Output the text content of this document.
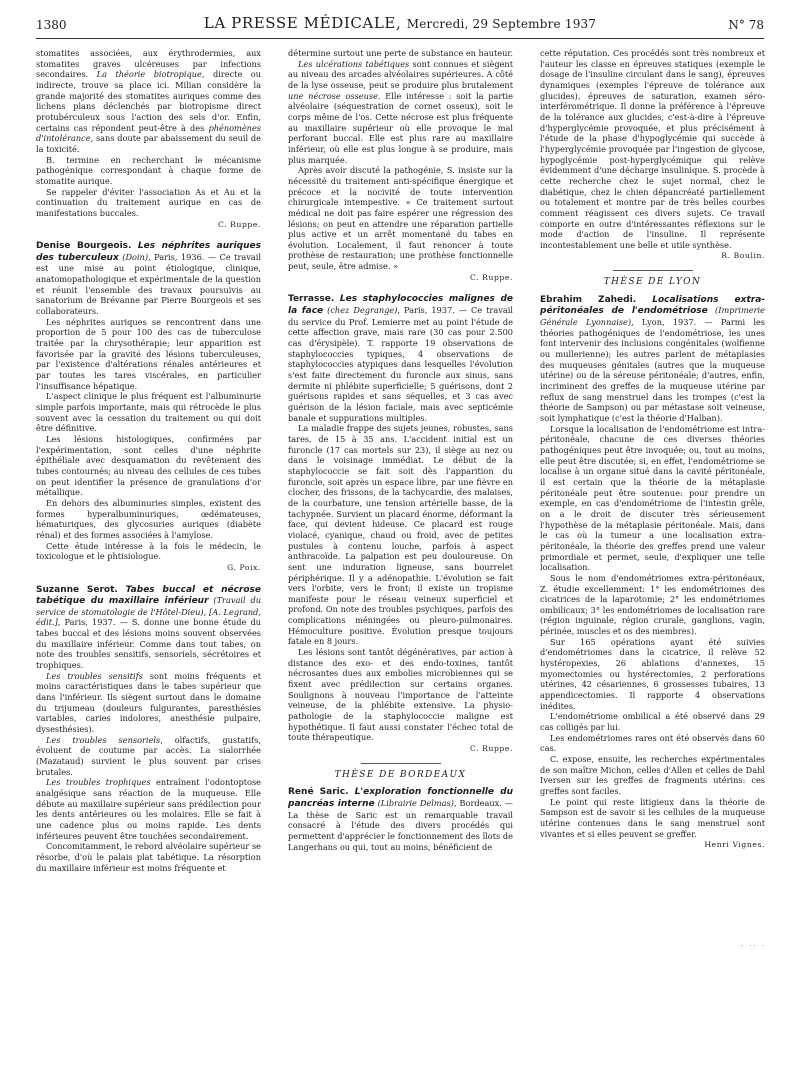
1380	LA PRESSE MÉDICALE, Mercredi, 29 Septembre 1937	N° 78

stomatites associées, aux érythrodermies, aux stomatites graves ulcéreuses par infections secondaires. La théorie biotropique, directe ou indirecte, trouve sa place ici. Milian considère la grande majorité des stomatites auriques comme des lichens plans déclenchés par biotropisme direct protubérculeux sous l'action des sels d'or. Enfin, certains cas répondent peut-être à des phénomènes d'intolérance, sans doute par abaissement du seuil de la toxicité.

B. termine en recherchant le mécanisme pathogénique correspondant à chaque forme de stomatite aurique.

Se rappeler d'éviter l'association As et Au et la continuation du traitement aurique en cas de manifestations buccales.

C. Ruppe.
Denise Bourgeois. Les néphrites auriques des tuberculeux (Doin), Paris, 1936. — Ce travail est une mise au point étiologique, clinique, anatomopathologique et expérimentale de la question et réunit l'ensemble des travaux poursuivis au sanatorium de Brévanne par Pierre Bourgeois et ses collaborateurs.

Les néphrites auriques se rencontrent dans une proportion de 5 pour 100 des cas de tuberculose traitée par la chrysothérapie; leur apparition est favorisée par la gravité des lésions tuberculeuses, par l'existence d'altérations rénales antérieures et par toutes les tares viscérales, en particulier l'insuffisance hépatique.

L'aspect clinique le plus fréquent est l'albuminurie simple parfois importante, mais qui rétrocède le plus souvent avec la cessation du traitement ou qui doit être définitive.

Les lésions histologiques, confirmées par l'expérimentation, sont celles d'une néphrite épithéliale avec desquamation du revêtement des tubes contournés; au niveau des cellules de ces tubes on peut identifier la présence de granulations d'or métallique.

En dehors des albuminuries simples, existent des formes hyperalbuminuriques, œdémateuses, hématuriques, des glycosuries auriques (diabète rénal) et des formes associées à l'amylose.

Cette étude intéresse à la fois le médecin, le toxicologue et le phtisiologue.

G. Poix.
Suzanne Serot. Tabes buccal et nécrose tabétique du maxillaire inférieur (Travail du service de stomatologie de l'Hôtel-Dieu), [A. Legrand, édit.], Paris, 1937. — S. donne une bonne étude du tabes buccal et des lésions moins souvent observées du maxillaire inférieur. Comme dans tout tabes, on note des troubles sensitifs, sensoriels, sécrétoires et trophiques.

Les troubles sensitifs sont moins fréquents et moins caractéristiques dans le tabes supérieur que dans l'inférieur. Ils siègent surtout dans le domaine du trijumeau (douleurs fulgurantes, paresthésies variables, caries indolores, anesthésie pulpaire, dysesthésies).

Les troubles sensoriels, olfactifs, gustatifs, évoluent de coutume par accès. La sialorrhée (Mazataud) survient le plus souvent par crises brutales.

Les troubles trophiques entraînent l'odontoptose analgésique sans réaction de la muqueuse. Elle débute au maxillaire supérieur sans prédilection pour les dents antérieures ou les molaires. Elle se fait à une cadence plus ou moins rapide. Les dents inférieures peuvent être touchées secondairement.

Concomitamment, le rebord alvéolaire supérieur se résorbe, d'où le palais plat tabétique. La résorption du maxillaire inférieur est moins fréquente et

détermine surtout une perte de substance en hauteur.

Les ulcérations tabétiques sont connues et siègent au niveau des arcades alvéolaires supérieures. A côté de la lyse osseuse, peut se produire plus brutalement une nécrose osseuse. Elle intéresse : soit la partie alvéolaire (séquestration de cornet osseux), soit le corps même de l'os. Cette nécrose est plus fréquente au maxillaire supérieur où elle provoque le mal perforant buccal. Elle est plus rare au maxillaire inférieur, où elle est plus longue à se produire, mais plus marquée.

Après avoir discuté la pathogénie, S. insiste sur la nécessité du traitement anti-spécifique énergique et précoce et la nocivité de toute intervention chirurgicale intempestive. « Ce traitement surtout médical ne doit pas faire espérer une régression des lésions; on peut en attendre une réparation partielle plus active et un arrêt momentané du tabes en évolution. Localement, il faut renoncer à toute prothèse de restauration; une prothèse fonctionnelle peut, seule, être admise. »

C. Ruppe.
Terrasse. Les staphylococcies malignes de la face (chez Degrange), Paris, 1937. — Ce travail du service du Prof. Lemierre met au point l'étude de cette affection grave, mais rare (30 cas pour 2.500 cas d'érysipèle). T. rapporte 19 observations de staphylococcies typiques, 4 observations de staphylococcies atypiques dans lesquelles l'évolution s'est faite directement du furoncle aux sinus, sans dermite ni phlébite superficielle; 5 guérisons, dont 2 guérisons rapides et sans séquelles, et 3 cas avec guérison de la lésion faciale, mais avec septicémie banale et suppurations multiples.

La maladie frappe des sujets jeunes, robustes, sans tares, de 15 à 35 ans. L'accident initial est un furoncle (17 cas mortels sur 23), il siège au nez ou dans le voisinage immédiat. Le début de la staphylococcie se fait soit dès l'apparition du furoncle, soit après un espace libre, par une fièvre en clocher, des frissons, de la tachycardie, des malaises, de la courbature, une tension artérielle basse, de la tachypnée. Survient un placard énorme, déformant la face, qui devient hideuse. Ce placard est rouge violacé, cyanique, chaud ou froid, avec de petites pustules à contenu louche, parfois à aspect anthracoïde. La palpation est peu douloureuse. On sent une induration ligneuse, sans bourrelet périphérique. Il y a adénopathie. L'évolution se fait vers l'orbite, vers le front; il existe un tropisme manifeste pour le réseau veineux superficiel et profond. On note des troubles psychiques, parfois des complications méningées ou pleuro-pulmonaires. Hémoculture positive. Évolution presque toujours fatale en 8 jours.

Les lésions sont tantôt dégénératives, par action à distance des exo- et des endo-toxines, tantôt nécrosantes dues aux embolies microbiennes qui se fixent avec prédilection sur certains organes. Soulignons à nouveau l'importance de l'atteinte veineuse, de la phlébite extensive. La physio-pathologie de la staphylococcie maligne est hypothétique. Il faut aussi constater l'échec total de toute thérapeutique.

C. Ruppe.
THÈSE DE BORDEAUX
René Saric. L'exploration fonctionnelle du pancréas interne (Librairie Delmas), Bordeaux. — La thèse de Saric est un remarquable travail consacré à l'étude des divers procédés qui permettent d'apprécier le fonctionnement des îlots de Langerhans ou qui, tout au moins, bénéficient de

cette réputation. Ces procédés sont très nombreux et l'auteur les classe en épreuves statiques (exemple le dosage de l'insuline circulant dans le sang), épreuves dynamiques (exemples l'épreuve de tolérance aux glucides), épreuves de saturation, examen séro-interférométrique. Il donne la préférence à l'épreuve de la tolérance aux glucides, c'est-à-dire à l'épreuve d'hyperglycémie provoquée, et plus précisément à l'étude de la phase d'hypoglycémie qui succède à l'hyperglycémie provoquée par l'ingestion de glycose, hypoglycémie post-hyperglycémique qui relève évidemment d'une décharge insulinique. S. procède à cette recherche chez le sujet normal, chez le diabétique, chez le chien dépancréaté partiellement ou totalement et montre par de très belles courbes comment réagissent ces divers sujets. Ce travail comporte en outre d'intéressantes réflexions sur le mode d'action de l'insuline. Il représente incontestablement une belle et utile synthèse.

R. Boulin.
THÈSE DE LYON
Ebrahim Zahedi. Localisations extra-péritonéales de l'endométriose (Imprimerie Générale Lyonnaise), Lyon, 1937. — Parmi les théories pathogéniques de l'endométriose, les unes font intervenir des inclusions congénitales (wolfienne ou mullerienne); les autres parlent de métaplasies des muqueuses génitales (autres que la muqueuse utérine) ou de la séreuse péritonéale; d'autres, enfin, incriminent des greffes de la muqueuse utérine par reflux de sang menstruel dans les trompes (c'est la théorie de Sampson) ou par métastase soit veineuse, soit lymphatique (c'est la théorie d'Halban).

Lorsque la localisation de l'endométriome est intra-péritonéale, chacune de ces diverses théories pathogéniques peut être invoquée; ou, tout au moins, elle peut être discutée; si, en effet, l'endométriome se localise à un organe situé dans la cavité péritonéale, il est certain que la théorie de la métaplasie péritonéale peut être soutenue: pour prendre un exemple, en cas d'endométriome de l'intestin grêle, on a le droit de discuter très sérieusement l'hypothèse de la métaplasie péritonéale. Mais, dans le cas où la tumeur a une localisation extra-péritonéale, la théorie des greffes prend une valeur primordiale et permet, seule, d'expliquer une telle localisation.

Sous le nom d'endométriomes extra-péritonéaux, Z. étudie excellemment: 1° les endométriomes des cicatrices de la laparotomie; 2° les endométriomes ombilicaux; 3° les endométriomes de localisation rare (région inguinale, région crurale, ganglions, vagin, périnée, muscles et os des membres).

Sur 165 opérations ayant été suivies d'endométriomes dans la cicatrice, il relève 52 hystéropexies, 26 ablations d'annexes, 15 myomectomies ou hystérectomies, 2 perforations utérines, 42 césariennes, 6 grossesses tubaires, 13 appendicectomies. Il rapporte 4 observations inédites.

L'endométriome ombilical a été observé dans 29 cas colligés par lui.

Les endométriomes rares ont été observés dans 60 cas.

C. expose, ensuite, les recherches expérimentales de son maître Michon, celles d'Allen et celles de Dahl Iversen sur les greffes de fragments utérins: ces greffes sont faciles.

Le point qui reste litigieux dans la théorie de Sampson est de savoir si les cellules de la muqueuse utérine contenues dans le sang menstruel sont vivantes et si elles peuvent se greffer.

Henri Vignes.
- ·· ·
